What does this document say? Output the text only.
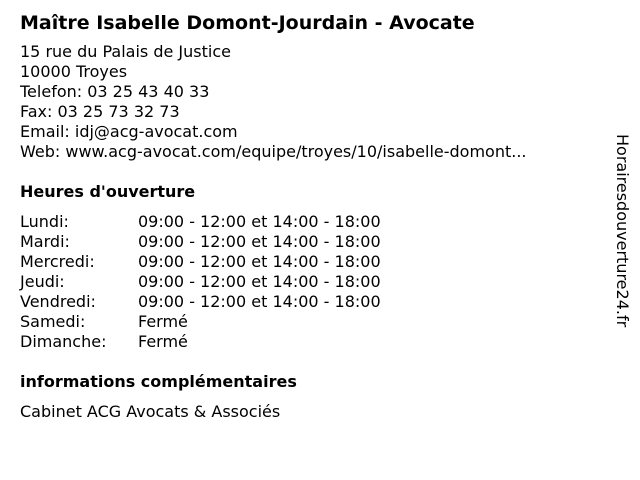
Maître Isabelle Domont-Jourdain - Avocate
15 rue du Palais de Justice
10000 Troyes
Telefon: 03 25 43 40 33
Fax: 03 25 73 32 73
Email: idj@acg-avocat.com
Web: www.acg-avocat.com/equipe/troyes/10/isabelle-domont...
Heures d'ouverture
Lundi:	09:00 - 12:00 et 14:00 - 18:00
Mardi:	09:00 - 12:00 et 14:00 - 18:00
Mercredi:	09:00 - 12:00 et 14:00 - 18:00
Jeudi:	09:00 - 12:00 et 14:00 - 18:00
Vendredi:	09:00 - 12:00 et 14:00 - 18:00
Samedi:	Fermé
Dimanche:	Fermé
informations complémentaires
Cabinet ACG Avocats & Associés
Horairesdouverture24.fr
